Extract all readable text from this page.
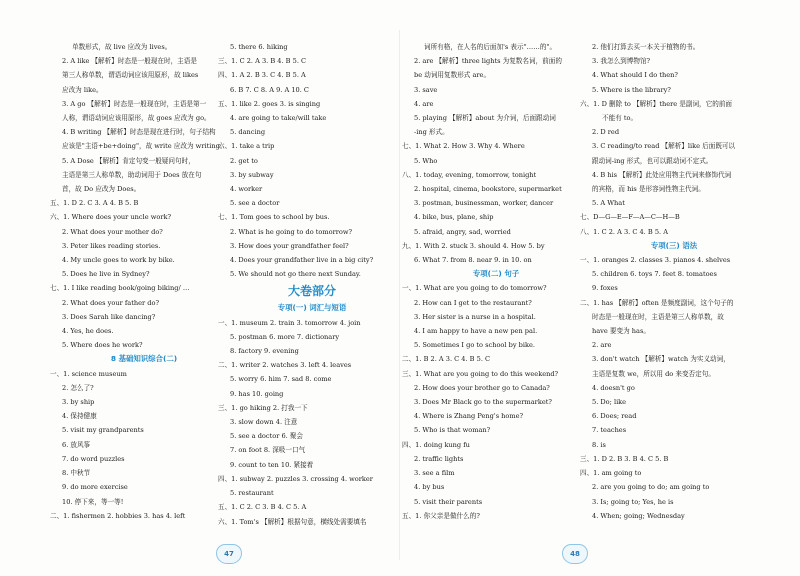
单数形式，故 live 应改为 lives。
2. A like 【解析】时态是一般现在时，主语是
第三人称单数，谓语动词应该用原形，故 likes
应改为 like。
3. A go 【解析】时态是一般现在时，主语是第一
人称，谓语动词应该用原形，故 goes 应改为 go。
4. B writing 【解析】时态是现在进行时，句子结构
应该是"主语+be+doing"，故 write 应改为 writing。
5. A Dose 【解析】肯定句变一般疑问句时，
主语是第三人称单数，助动词用于 Does 放在句
首，故 Do 应改为 Does。
五、1. D 2. C 3. A 4. B 5. B
六、1. Where does your uncle work?
2. What does your mother do?
3. Peter likes reading stories.
4. My uncle goes to work by bike.
5. Does he live in Sydney?
七、1. I like reading book/going biking/ …
2. What does your father do?
3. Does Sarah like dancing?
4. Yes, he does.
5. Where does he work?
8 基础知识综合(二)
一、1. science museum
2. 怎么了?
3. by ship
4. 保持健康
5. visit my grandparents
6. 放风筝
7. do word puzzles
8. 中秋节
9. do more exercise
10. 停下来，等一等!
二、1. fishermen 2. hobbies 3. has 4. left
5. there 6. hiking
三、1. C 2. A 3. B 4. B 5. C
四、1. A 2. B 3. C 4. B 5. A
6. B 7. C 8. A 9. A 10. C
五、1. like 2. goes 3. is singing
4. are going to take/will take
5. dancing
六、1. take a trip
2. get to
3. by subway
4. worker
5. see a doctor
七、1. Tom goes to school by bus.
2. What is he going to do tomorrow?
3. How does your grandfather feel?
4. Does your grandfather live in a big city?
5. We should not go there next Sunday.
大卷部分
专项(一) 词汇与短语
一、1. museum 2. train 3. tomorrow 4. join
5. postman 6. more 7. dictionary
8. factory 9. evening
二、1. writer 2. watches 3. left 4. leaves
5. worry 6. him 7. sad 8. come
9. has 10. going
三、1. go hiking 2. 打我一下
3. slow down 4. 注意
5. see a doctor 6. 聚会
7. on foot 8. 深吸一口气
9. count to ten 10. 紧接着
四、1. subway 2. puzzles 3. crossing 4. worker
5. restaurant
五、1. C 2. C 3. B 4. C 5. A
六、1. Tom's 【解析】根据句意，横线处需要填名
词所有格，在人名的后面加's 表示"……的"。
2. are 【解析】three lights 为复数名词，前面的
be 动词用复数形式 are。
3. save
4. are
5. playing 【解析】about 为介词，后面跟动词
-ing 形式。
七、1. What 2. How 3. Why 4. Where
5. Who
八、1. today, evening, tomorrow, tonight
2. hospital, cinema, bookstore, supermarket
3. postman, businessman, worker, dancer
4. bike, bus, plane, ship
5. afraid, angry, sad, worried
九、1. With 2. stuck 3. should 4. How 5. by
6. What 7. from 8. near 9. in 10. on
专项(二) 句子
一、1. What are you going to do tomorrow?
2. How can I get to the restaurant?
3. Her sister is a nurse in a hospital.
4. I am happy to have a new pen pal.
5. Sometimes I go to school by bike.
二、1. B 2. A 3. C 4. B 5. C
三、1. What are you going to do this weekend?
2. How does your brother go to Canada?
3. Does Mr Black go to the supermarket?
4. Where is Zhang Peng's home?
5. Who is that woman?
四、1. doing kung fu
2. traffic lights
3. see a film
4. by bus
5. visit their parents
五、1. 你父亲是做什么的?
2. 他们打算去买一本关于植物的书。
3. 我怎么到博物馆?
4. What should I do then?
5. Where is the library?
六、1. D 删除 to 【解析】there 是副词，它的前面
不能有 to。
2. D red
3. C reading/to read 【解析】like 后面既可以
跟动词-ing 形式，也可以跟动词不定式。
4. B his 【解析】此处应用物主代词来修饰代词
的宾格，而 his 是形容词性物主代词。
5. A What
七、D—G—E—F—A—C—H—B
八、1. C 2. A 3. C 4. B 5. A
专项(三) 语法
一、1. oranges 2. classes 3. pianos 4. shelves
5. children 6. toys 7. feet 8. tomatoes
9. foxes
二、1. has 【解析】often 是频度副词，这个句子的
时态是一般现在时，主语是第三人称单数，故
have 要变为 has。
2. are
3. don't watch 【解析】watch 为实义动词，
主语是复数 we，所以用 do 来变否定句。
4. doesn't go
5. Do; like
6. Does; read
7. teaches
8. is
三、1. D 2. B 3. B 4. C 5. B
四、1. am going to
2. are you going to do; am going to
3. Is; going to; Yes, he is
4. When; going; Wednesday
47	48
